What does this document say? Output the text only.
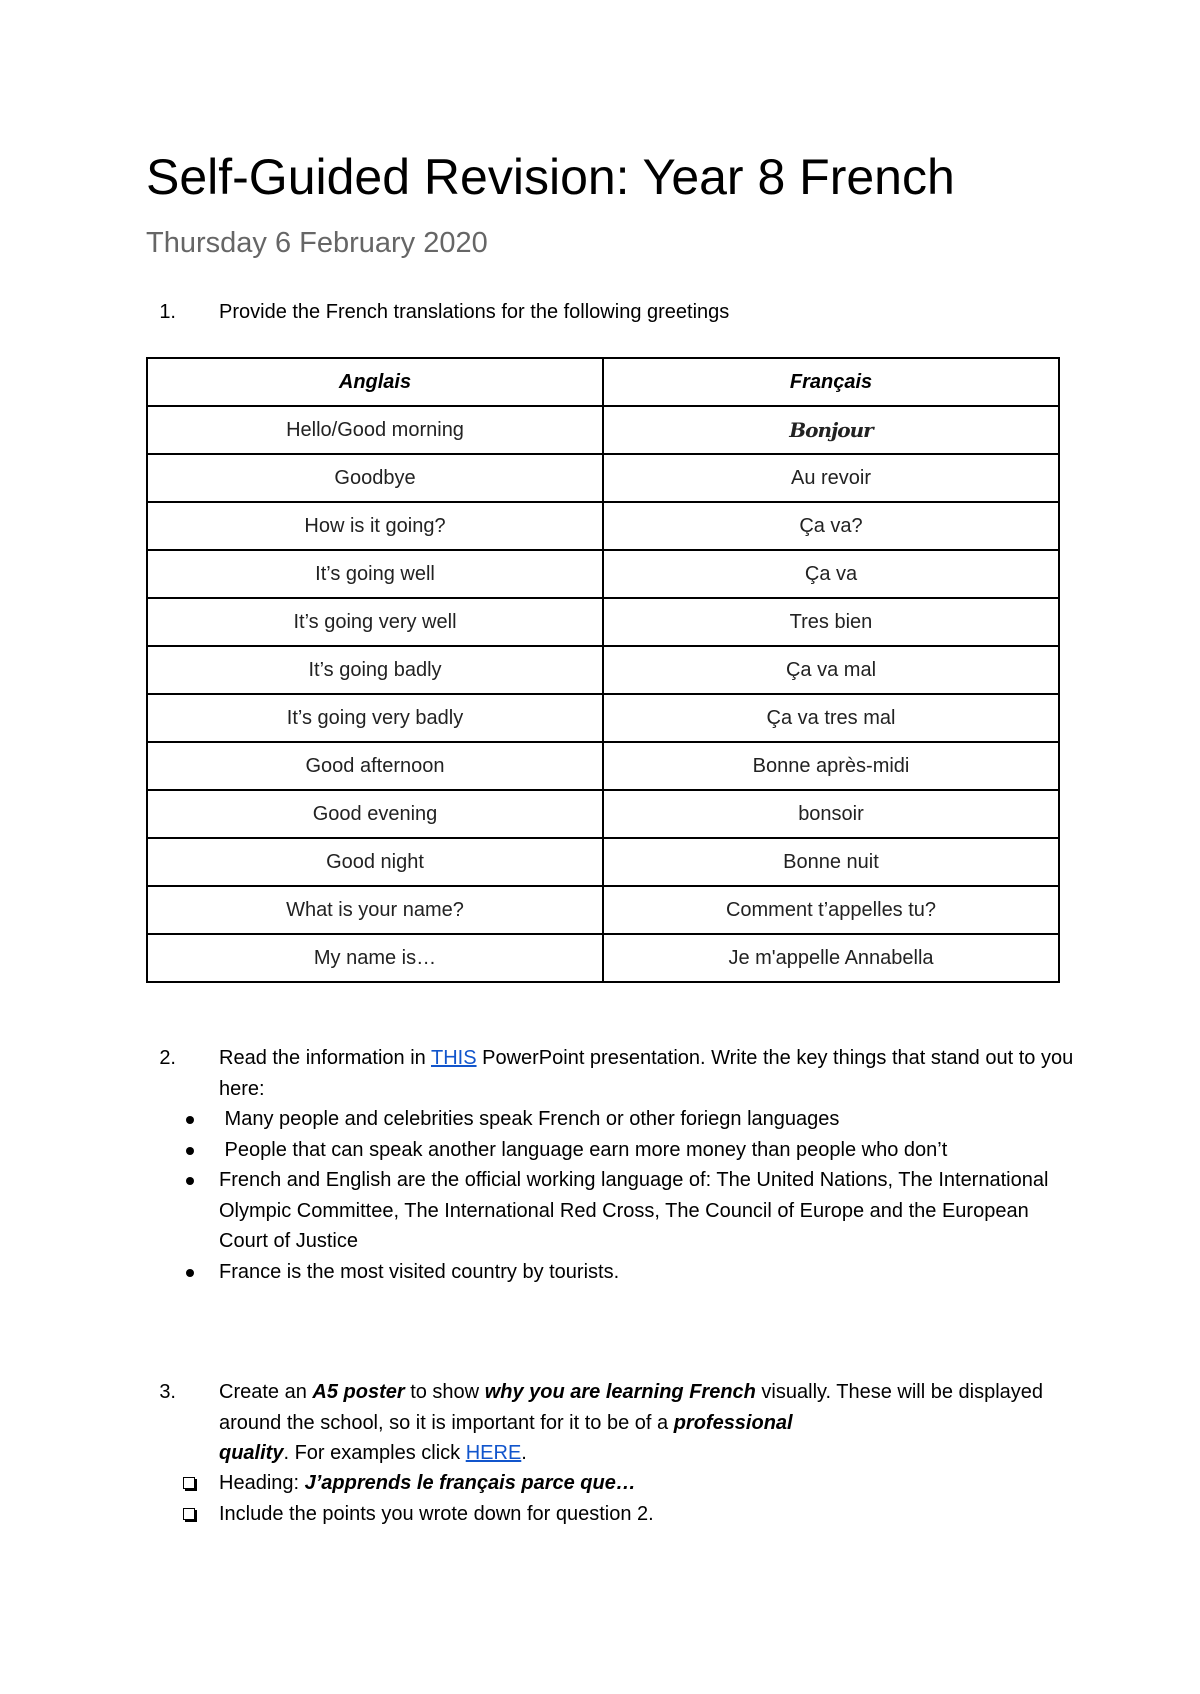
Self-Guided Revision: Year 8 French
Thursday 6 February 2020
1.	Provide the French translations for the following greetings
Anglais	Français
Hello/Good morning	Bonjour
Goodbye	Au revoir
How is it going?	Ça va?
It’s going well	Ça va
It’s going very well	Tres bien
It’s going badly	Ça va mal
It’s going very badly	Ça va tres mal
Good afternoon	Bonne après-midi
Good evening	bonsoir
Good night	Bonne nuit
What is your name?	Comment t’appelles tu?
My name is…	Je m'appelle Annabella
2.	Read the information in THIS PowerPoint presentation. Write the key things that stand out to you here:
Many people and celebrities speak French or other foriegn languages
People that can speak another language earn more money than people who don’t
French and English are the official working language of: The United Nations, The International Olympic Committee, The International Red Cross, The Council of Europe and the European Court of Justice
France is the most visited country by tourists.
3.	Create an A5 poster to show why you are learning French visually. These will be displayed around the school, so it is important for it to be of a professional quality. For examples click HERE.
Heading: J’apprends le français parce que…
Include the points you wrote down for question 2.
